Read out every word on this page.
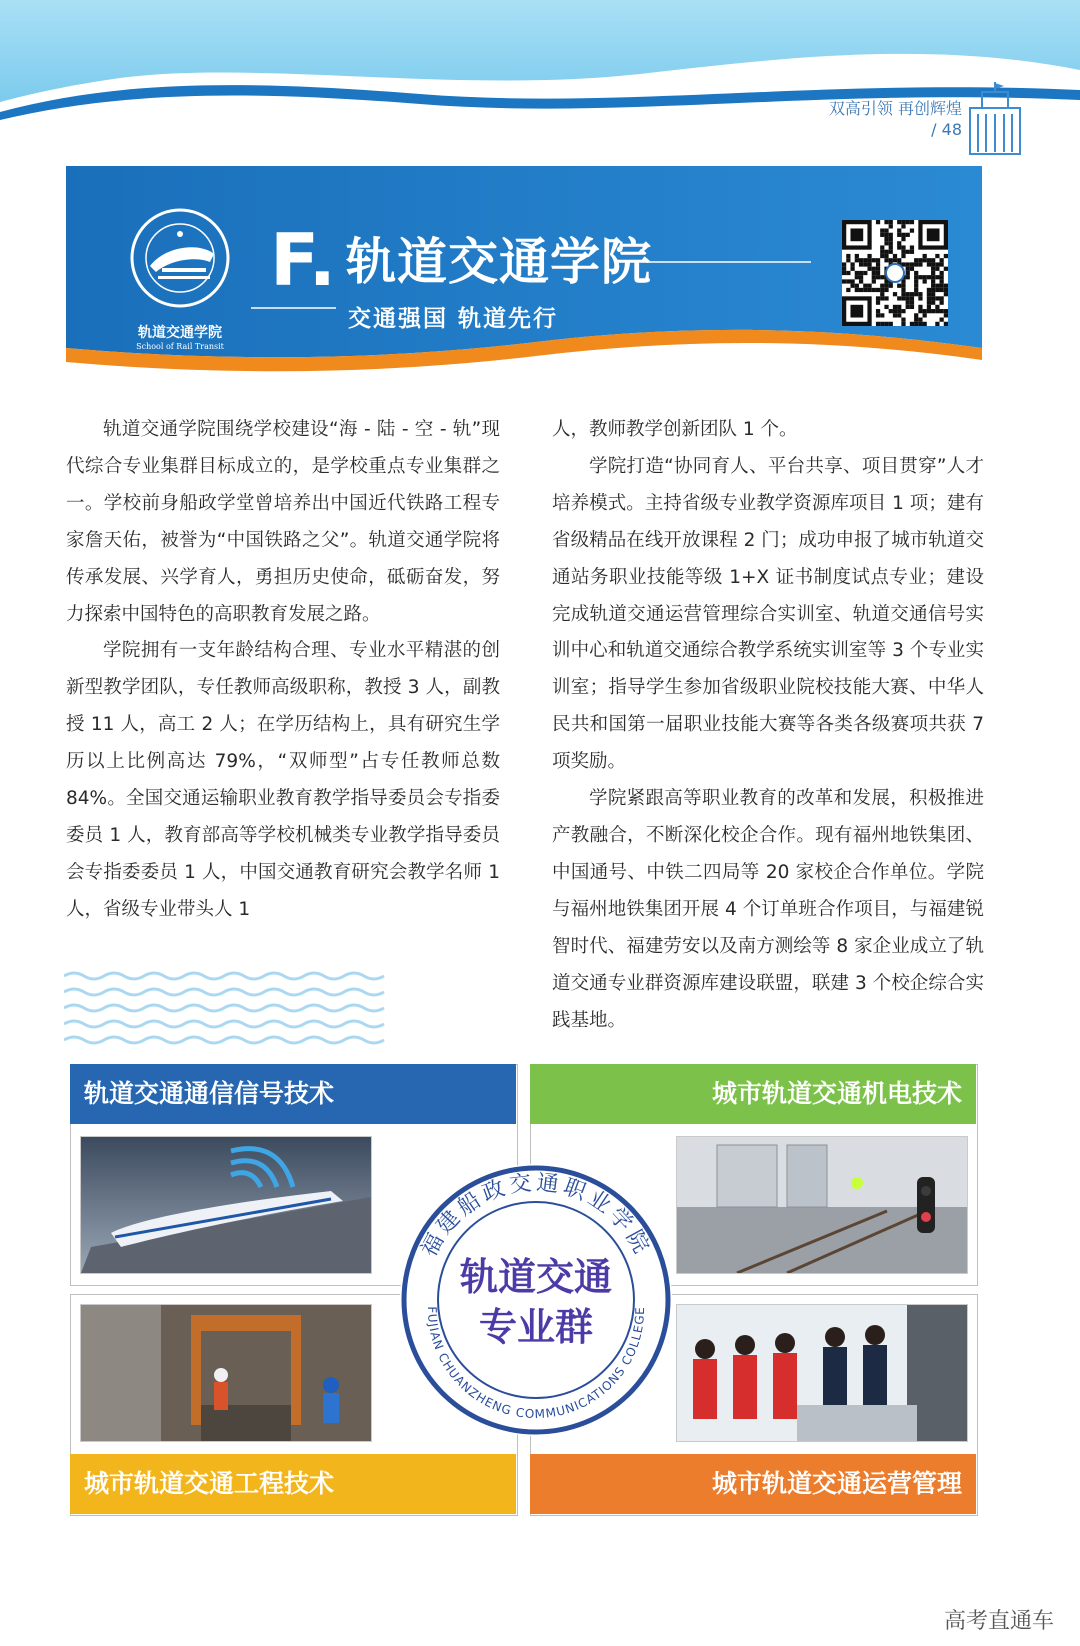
双高引领 再创辉煌
/ 48
轨道交通学院
School of Rail Transit
F. 轨道交通学院
交通强国 轨道先行

轨道交通学院围绕学校建设“海 - 陆 - 空 - 轨”现代综合专业集群目标成立的，是学校重点专业集群之一。学校前身船政学堂曾培养出中国近代铁路工程专家詹天佑，被誉为“中国铁路之父”。轨道交通学院将传承发展、兴学育人，勇担历史使命，砥砺奋发，努力探索中国特色的高职教育发展之路。

学院拥有一支年龄结构合理、专业水平精湛的创新型教学团队，专任教师高级职称，教授 3 人，副教授 11 人，高工 2 人；在学历结构上，具有研究生学历以上比例高达 79%，“双师型”占专任教师总数 84%。全国交通运输职业教育教学指导委员会专指委委员 1 人，教育部高等学校机械类专业教学指导委员会专指委委员 1 人，中国交通教育研究会教学名师 1 人，省级专业带头人 1

人，教师教学创新团队 1 个。

学院打造“协同育人、平台共享、项目贯穿”人才培养模式。主持省级专业教学资源库项目 1 项；建有省级精品在线开放课程 2 门；成功申报了城市轨道交通站务职业技能等级 1+X 证书制度试点专业；建设完成轨道交通运营管理综合实训室、轨道交通信号实训中心和轨道交通综合教学系统实训室等 3 个专业实训室；指导学生参加省级职业院校技能大赛、中华人民共和国第一届职业技能大赛等各类各级赛项共获 7 项奖励。

学院紧跟高等职业教育的改革和发展，积极推进产教融合，不断深化校企合作。现有福州地铁集团、中国通号、中铁二四局等 20 家校企合作单位。学院与福州地铁集团开展 4 个订单班合作项目，与福建锐智时代、福建劳安以及南方测绘等 8 家企业成立了轨道交通专业群资源库建设联盟，联建 3 个校企综合实践基地。

轨道交通通信信号技术	城市轨道交通机电技术
城市轨道交通工程技术	城市轨道交通运营管理
福建船政交通职业学院
FUJIAN CHUANZHENG COMMUNICATIONS COLLEGE
轨道交通
专业群
高考直通车
